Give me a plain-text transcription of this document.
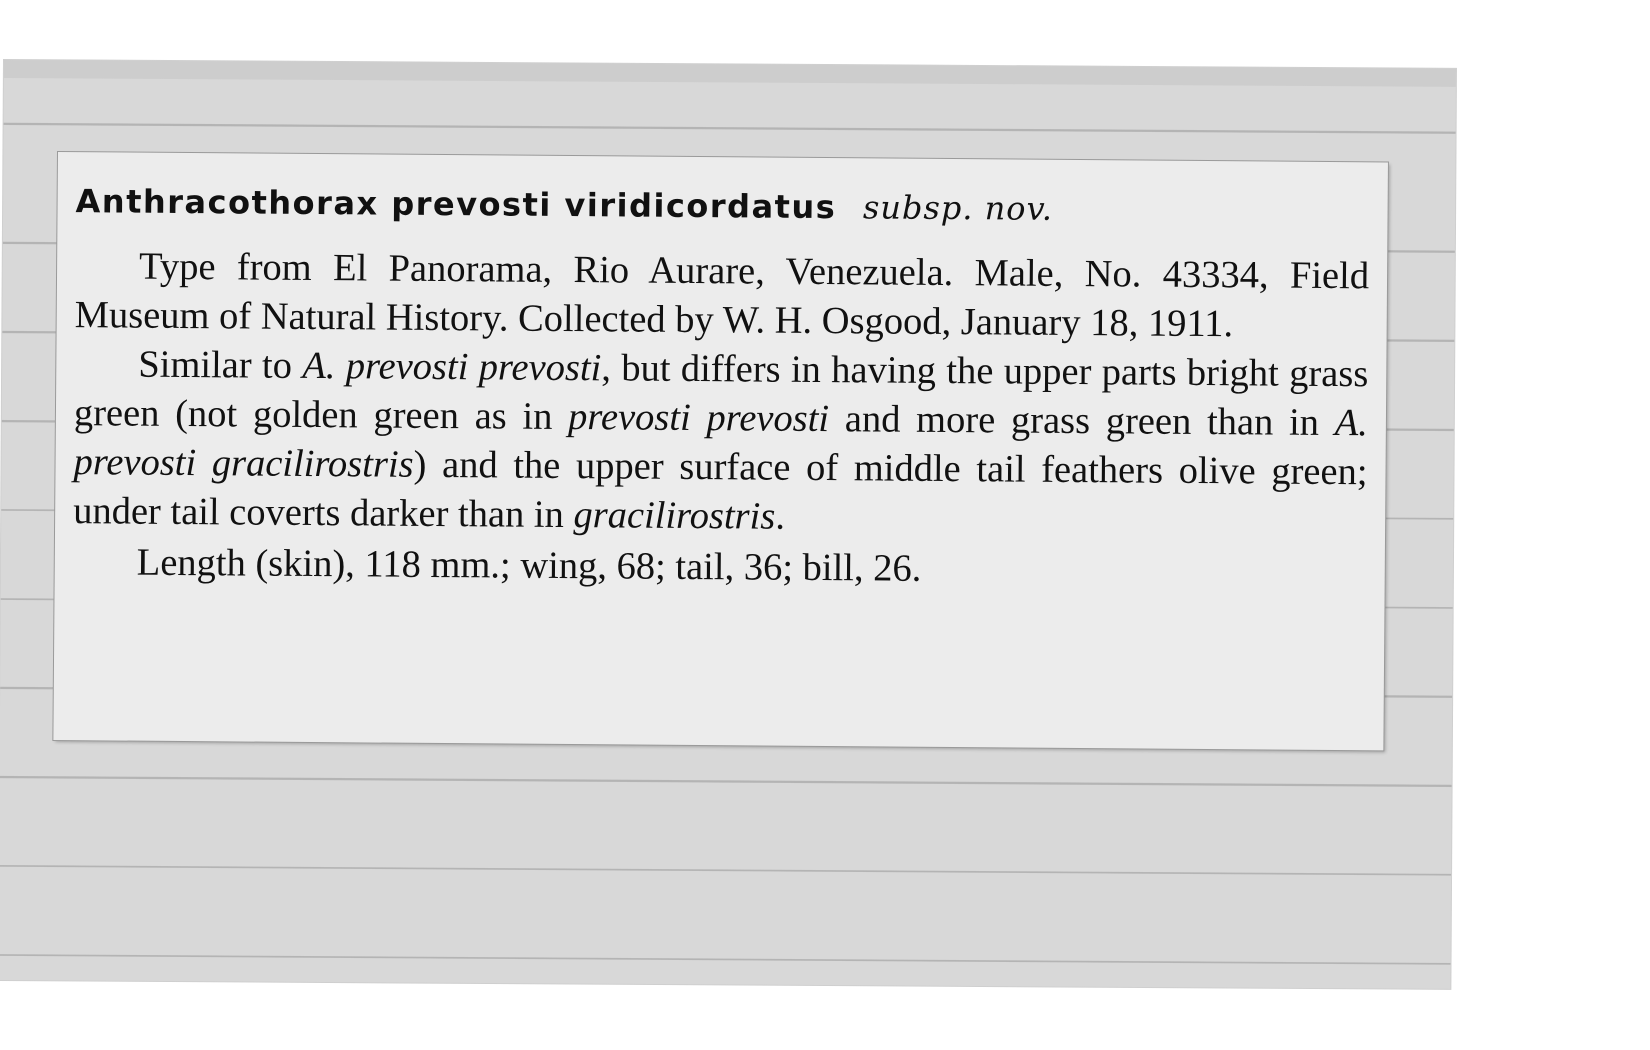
Anthracothorax prevosti viridicordatus subsp. nov.

Type from El Panorama, Rio Aurare, Venezuela. Male, No. 43334, Field Museum of Natural History. Collected by W. H. Osgood, January 18, 1911.

Similar to A. prevosti prevosti, but differs in having the upper parts bright grass green (not golden green as in prevosti prevosti and more grass green than in A. prevosti gracilirostris) and the upper surface of middle tail feathers olive green; under tail coverts darker than in gracilirostris.

Length (skin), 118 mm.; wing, 68; tail, 36; bill, 26.
